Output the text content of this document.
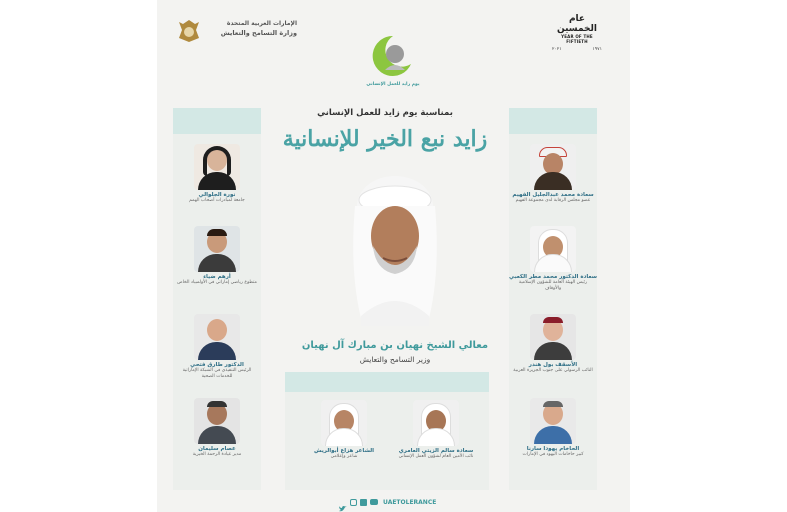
الإمارات العربية المتحدة
وزارة التسامح والتعايش
عام الخمسين
YEAR OF THE FIFTIETH
٢٠٢١	١٩٧١
يوم زايد للعمل الإنساني
بمناسبة يوم زايد للعمل الإنساني
زايد نبع الخير للإنسانية
معالي الشيخ نهيان بن مبارك آل نهيان
وزير التسامح والتعايش
نورة الجلوالي
جامعة لمبادرات أصحاب الهمم
أرهم ضياء
متطوع رياضي إماراتي في الأولمبياد الخاص
الدكتور طارق فتحي
الرئيس التنفيذي في الشبكة الإماراتية للخدمات الصحية
عصام سليمان
مدير عيادة الرحمة الخيرية
سعادة محمد عبدالجليل الفهيم
عضو مجلس الرقابة لدى مجموعة الفهيم
سعادة الدكتور محمد مطر الكعبي
رئيس الهيئة العامة للشؤون الإسلامية والأوقاف
الأسقف بول هندر
النائب الرسولي على جنوب الجزيرة العربية
الحاخام يهودا سارنا
كبير حاخامات اليهود في الإمارات
الشاعر هزاع أبوالريش
شاعر وإعلامي
سعادة سالم الزيتي العامري
نائب الأمين العام لشؤون العمل الإنساني
UAETOLERANCE
